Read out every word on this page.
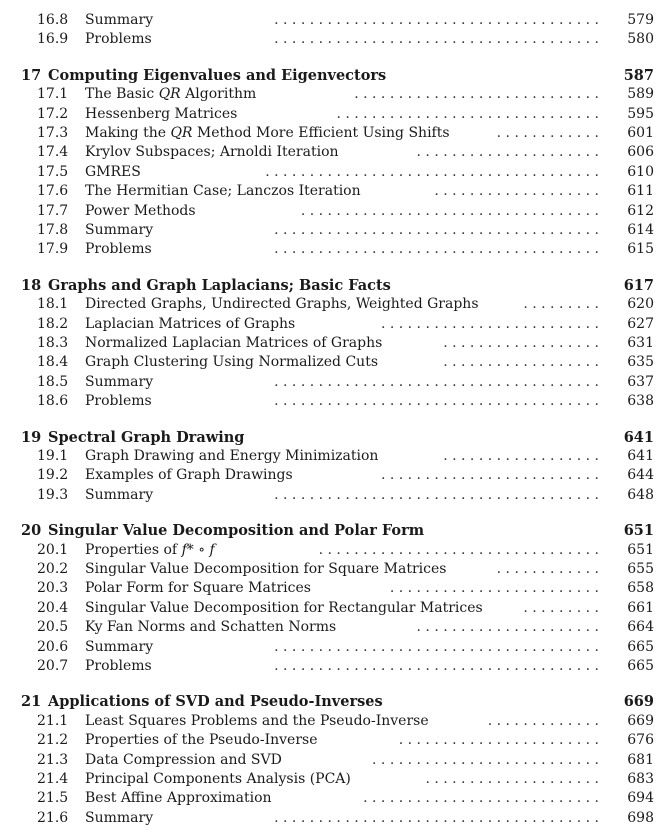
16.8 Summary	. . . . . . . . . . . . . . . . . . . . . . . . . . . . . . . . . . . . . 579
16.9 Problems	. . . . . . . . . . . . . . . . . . . . . . . . . . . . . . . . . . . . . 580
17 Computing Eigenvalues and Eigenvectors	587
17.1 The Basic QR Algorithm	. . . . . . . . . . . . . . . . . . . . . . . . . . . . 589
17.2 Hessenberg Matrices	. . . . . . . . . . . . . . . . . . . . . . . . . . . . . . 595
17.3 Making the QR Method More Efficient Using Shifts	. . . . . . . . . . . . 601
17.4 Krylov Subspaces; Arnoldi Iteration	. . . . . . . . . . . . . . . . . . . . . 606
17.5 GMRES	. . . . . . . . . . . . . . . . . . . . . . . . . . . . . . . . . . . . . . 610
17.6 The Hermitian Case; Lanczos Iteration	. . . . . . . . . . . . . . . . . . . 611
17.7 Power Methods	. . . . . . . . . . . . . . . . . . . . . . . . . . . . . . . . . . 612
17.8 Summary	. . . . . . . . . . . . . . . . . . . . . . . . . . . . . . . . . . . . . 614
17.9 Problems	. . . . . . . . . . . . . . . . . . . . . . . . . . . . . . . . . . . . . 615
18 Graphs and Graph Laplacians; Basic Facts	617
18.1 Directed Graphs, Undirected Graphs, Weighted Graphs	. . . . . . . . . 620
18.2 Laplacian Matrices of Graphs	. . . . . . . . . . . . . . . . . . . . . . . . . 627
18.3 Normalized Laplacian Matrices of Graphs	. . . . . . . . . . . . . . . . . . 631
18.4 Graph Clustering Using Normalized Cuts	. . . . . . . . . . . . . . . . . . 635
18.5 Summary	. . . . . . . . . . . . . . . . . . . . . . . . . . . . . . . . . . . . . 637
18.6 Problems	. . . . . . . . . . . . . . . . . . . . . . . . . . . . . . . . . . . . . 638
19 Spectral Graph Drawing	641
19.1 Graph Drawing and Energy Minimization	. . . . . . . . . . . . . . . . . . 641
19.2 Examples of Graph Drawings	. . . . . . . . . . . . . . . . . . . . . . . . . 644
19.3 Summary	. . . . . . . . . . . . . . . . . . . . . . . . . . . . . . . . . . . . . 648
20 Singular Value Decomposition and Polar Form	651
20.1 Properties of f* ∘ f	. . . . . . . . . . . . . . . . . . . . . . . . . . . . . . . . 651
20.2 Singular Value Decomposition for Square Matrices	. . . . . . . . . . . . 655
20.3 Polar Form for Square Matrices	. . . . . . . . . . . . . . . . . . . . . . . . 658
20.4 Singular Value Decomposition for Rectangular Matrices	. . . . . . . . . 661
20.5 Ky Fan Norms and Schatten Norms	. . . . . . . . . . . . . . . . . . . . . 664
20.6 Summary	. . . . . . . . . . . . . . . . . . . . . . . . . . . . . . . . . . . . . 665
20.7 Problems	. . . . . . . . . . . . . . . . . . . . . . . . . . . . . . . . . . . . . 665
21 Applications of SVD and Pseudo-Inverses	669
21.1 Least Squares Problems and the Pseudo-Inverse	. . . . . . . . . . . . . 669
21.2 Properties of the Pseudo-Inverse	. . . . . . . . . . . . . . . . . . . . . . . 676
21.3 Data Compression and SVD	. . . . . . . . . . . . . . . . . . . . . . . . . . 681
21.4 Principal Components Analysis (PCA)	. . . . . . . . . . . . . . . . . . . . 683
21.5 Best Affine Approximation	. . . . . . . . . . . . . . . . . . . . . . . . . . . 694
21.6 Summary	. . . . . . . . . . . . . . . . . . . . . . . . . . . . . . . . . . . . . 698
